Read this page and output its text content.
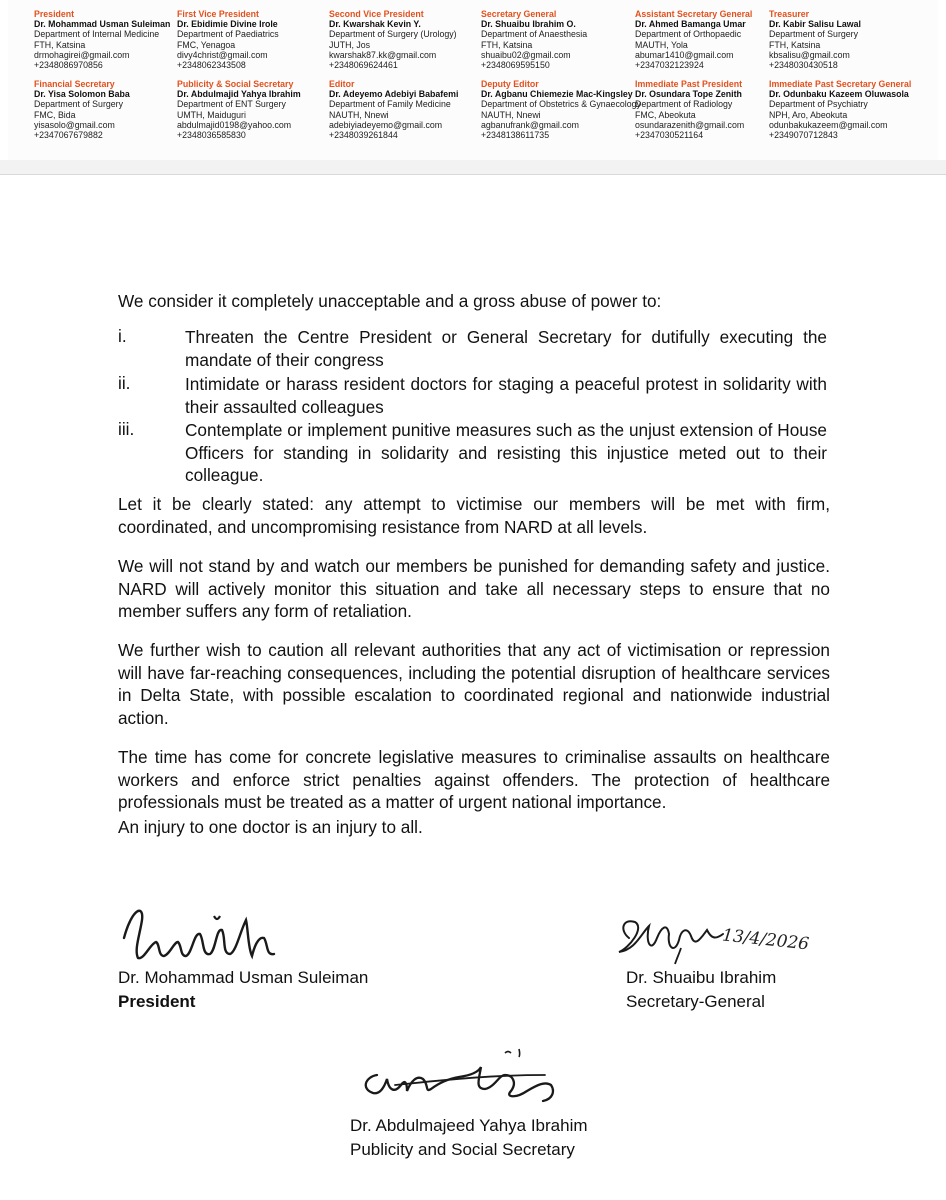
President
Dr. Mohammad Usman Suleiman
Department of Internal Medicine
FTH, Katsina
drmohagirei@gmail.com
+2348086970856
First Vice President
Dr. Ebidimie Divine Irole
Department of Paediatrics
FMC, Yenagoa
divy4christ@gmail.com
+2348062343508
Second Vice President
Dr. Kwarshak Kevin Y.
Department of Surgery (Urology)
JUTH, Jos
kwarshak87.kk@gmail.com
+2348069624461
Secretary General
Dr. Shuaibu Ibrahim O.
Department of Anaesthesia
FTH, Katsina
shuaibu02@gmail.com
+2348069595150
Assistant Secretary General
Dr. Ahmed Bamanga Umar
Department of Orthopaedic
MAUTH, Yola
abumar1410@gmail.com
+2347032123924
Treasurer
Dr. Kabir Salisu Lawal
Department of Surgery
FTH, Katsina
kbsalisu@gmail.com
+2348030430518
Financial Secretary
Dr. Yisa Solomon Baba
Department of Surgery
FMC, Bida
yisasolo@gmail.com
+2347067679882
Publicity & Social Secretary
Dr. Abdulmajid Yahya Ibrahim
Department of ENT Surgery
UMTH, Maiduguri
abdulmajid0198@yahoo.com
+2348036585830
Editor
Dr. Adeyemo Adebiyi Babafemi
Department of Family Medicine
NAUTH, Nnewi
adebiyiadeyemo@gmail.com
+2348039261844
Deputy Editor
Dr. Agbanu Chiemezie Mac-Kingsley
Department of Obstetrics & Gynaecology
NAUTH, Nnewi
agbanufrank@gmail.com
+2348138611735
Immediate Past President
Dr. Osundara Tope Zenith
Department of Radiology
FMC, Abeokuta
osundarazenith@gmail.com
+2347030521164
Immediate Past Secretary General
Dr. Odunbaku Kazeem Oluwasola
Department of Psychiatry
NPH, Aro, Abeokuta
odunbakukazeem@gmail.com
+2349070712843
We consider it completely unacceptable and a gross abuse of power to:
i.	Threaten the Centre President or General Secretary for dutifully executing the mandate of their congress
ii.	Intimidate or harass resident doctors for staging a peaceful protest in solidarity with their assaulted colleagues
iii.	Contemplate or implement punitive measures such as the unjust extension of House Officers for standing in solidarity and resisting this injustice meted out to their colleague.
Let it be clearly stated: any attempt to victimise our members will be met with firm, coordinated, and uncompromising resistance from NARD at all levels.
We will not stand by and watch our members be punished for demanding safety and justice. NARD will actively monitor this situation and take all necessary steps to ensure that no member suffers any form of retaliation.
We further wish to caution all relevant authorities that any act of victimisation or repression will have far-reaching consequences, including the potential disruption of healthcare services in Delta State, with possible escalation to coordinated regional and nationwide industrial action.
The time has come for concrete legislative measures to criminalise assaults on healthcare workers and enforce strict penalties against offenders. The protection of healthcare professionals must be treated as a matter of urgent national importance.
An injury to one doctor is an injury to all.
Dr. Mohammad Usman Suleiman
President
13/4/2026
Dr. Shuaibu Ibrahim
Secretary-General
Dr. Abdulmajeed Yahya Ibrahim
Publicity and Social Secretary
